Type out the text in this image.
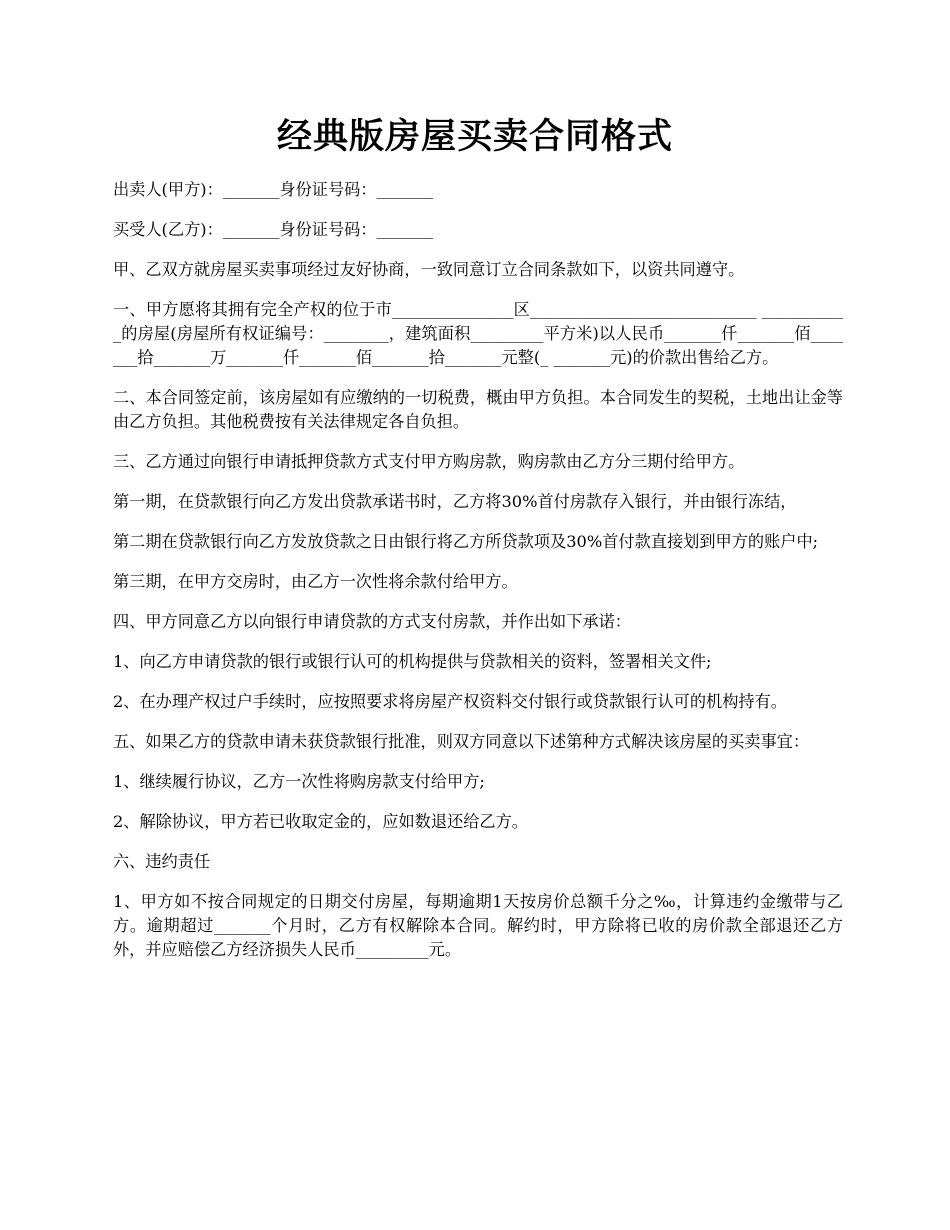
经典版房屋买卖合同格式

出卖人(甲方)：_______身份证号码：_______

买受人(乙方)：_______身份证号码：_______

甲、乙双方就房屋买卖事项经过友好协商，一致同意订立合同条款如下，以资共同遵守。

一、甲方愿将其拥有完全产权的位于市_______________区____________________________ ___________的房屋(房屋所有权证编号：________，建筑面积_________平方米)以人民币_______仟_______佰_______拾_______万_______仟_______佰_______拾_______元整(_ _______元)的价款出售给乙方。

二、本合同签定前，该房屋如有应缴纳的一切税费，概由甲方负担。本合同发生的契税，土地出让金等由乙方负担。其他税费按有关法律规定各自负担。

三、乙方通过向银行申请抵押贷款方式支付甲方购房款，购房款由乙方分三期付给甲方。

第一期，在贷款银行向乙方发出贷款承诺书时，乙方将30%首付房款存入银行，并由银行冻结，

第二期在贷款银行向乙方发放贷款之日由银行将乙方所贷款项及30%首付款直接划到甲方的账户中;

第三期，在甲方交房时，由乙方一次性将余款付给甲方。

四、甲方同意乙方以向银行申请贷款的方式支付房款，并作出如下承诺：

1、向乙方申请贷款的银行或银行认可的机构提供与贷款相关的资料，签署相关文件;

2、在办理产权过户手续时，应按照要求将房屋产权资料交付银行或贷款银行认可的机构持有。

五、如果乙方的贷款申请未获贷款银行批准，则双方同意以下述第种方式解决该房屋的买卖事宜：

1、继续履行协议，乙方一次性将购房款支付给甲方;

2、解除协议，甲方若已收取定金的，应如数退还给乙方。

六、违约责任

1、甲方如不按合同规定的日期交付房屋，每期逾期1天按房价总额千分之‰，计算违约金缴带与乙方。逾期超过_______个月时，乙方有权解除本合同。解约时，甲方除将已收的房价款全部退还乙方外，并应赔偿乙方经济损失人民币_________元。
